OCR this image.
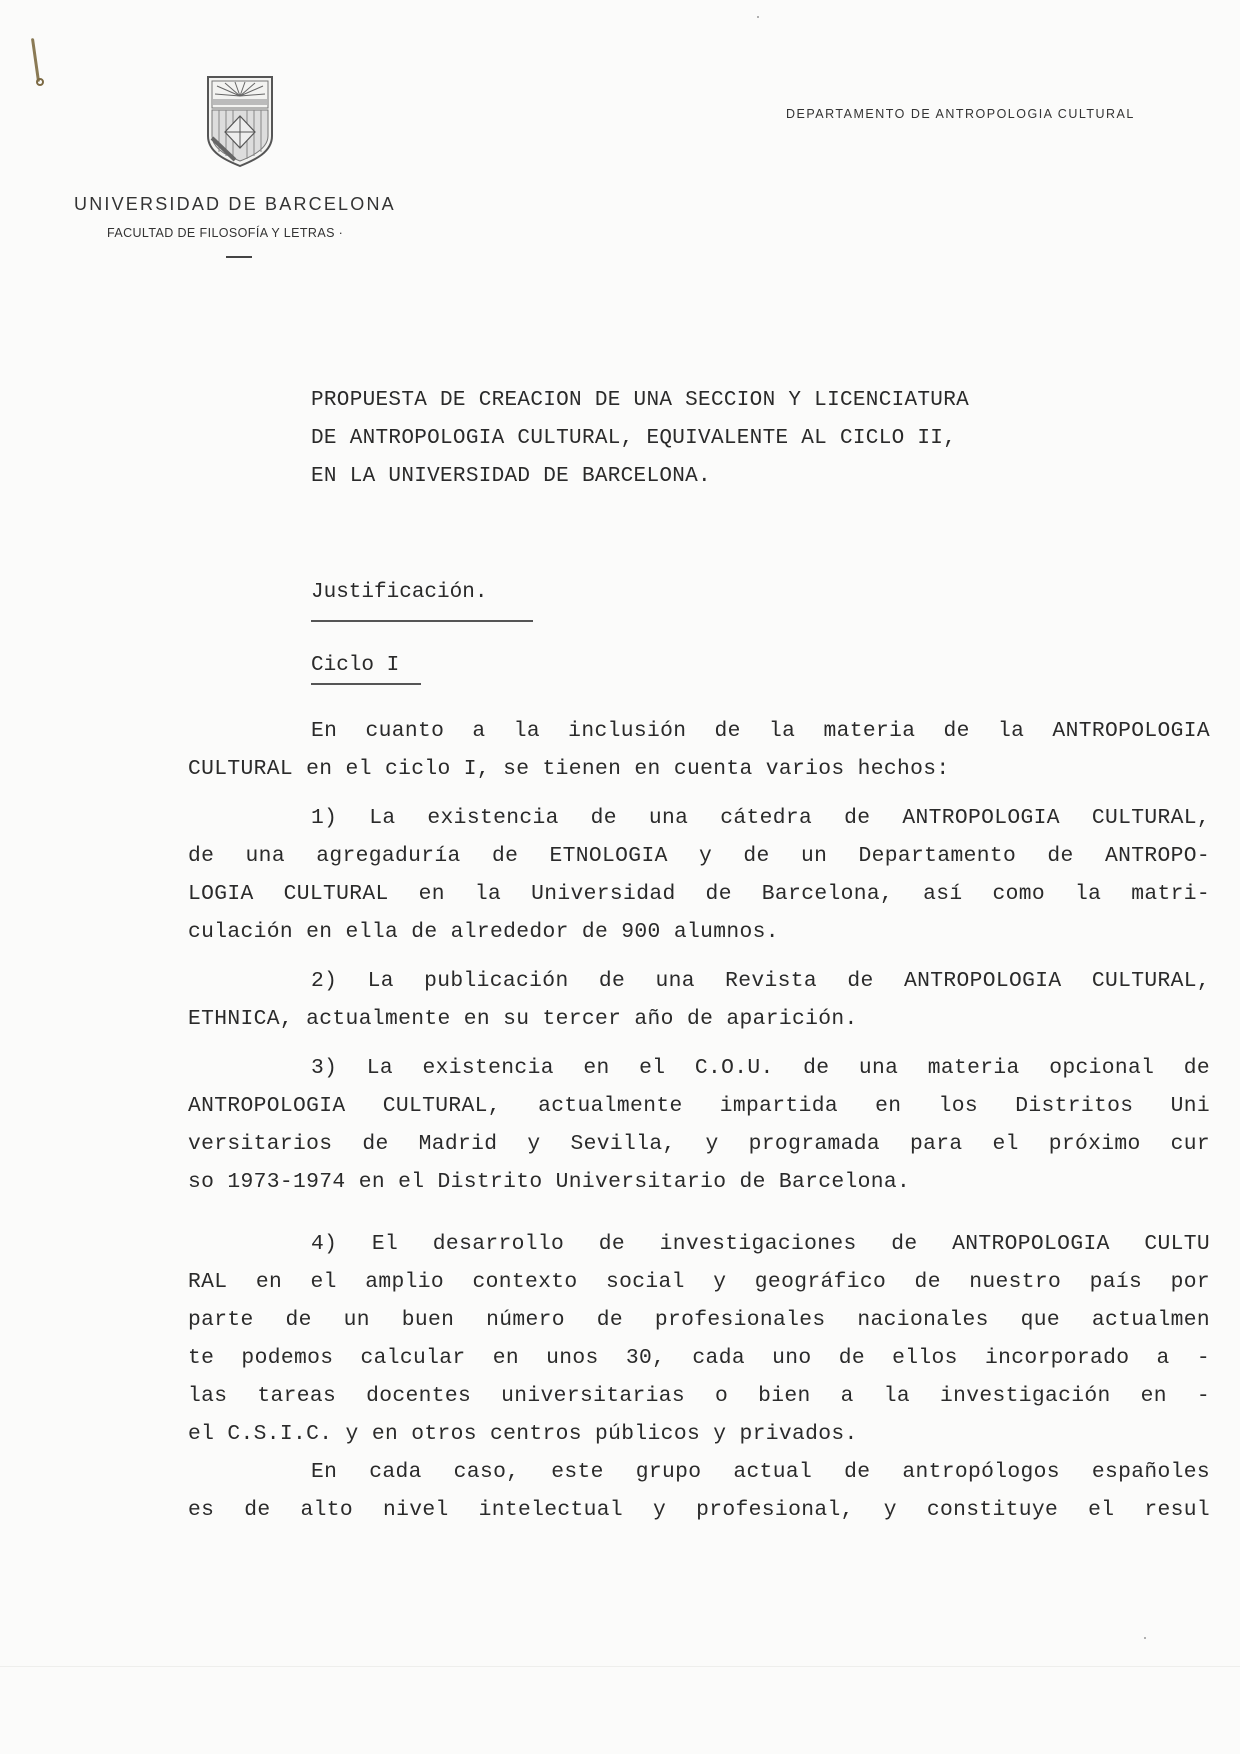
UNIVERSIDAD DE BARCELONA
FACULTAD DE FILOSOFÍA Y LETRAS ·
DEPARTAMENTO DE ANTROPOLOGIA CULTURAL
PROPUESTA DE CREACION DE UNA SECCION Y LICENCIATURA
DE ANTROPOLOGIA CULTURAL, EQUIVALENTE AL CICLO II,
EN LA UNIVERSIDAD DE BARCELONA.
Justificación.
Ciclo I
En cuanto a la inclusión de la materia de la ANTROPOLOGIA
CULTURAL en el ciclo I, se tienen en cuenta varios hechos:
1) La existencia de una cátedra de ANTROPOLOGIA CULTURAL,
de una agregaduría de ETNOLOGIA y de un Departamento de ANTROPO-
LOGIA CULTURAL en la Universidad de Barcelona, así como la matri-
culación en ella de alrededor de 900 alumnos.
2) La publicación de una Revista de ANTROPOLOGIA CULTURAL,
ETHNICA, actualmente en su tercer año de aparición.
3) La existencia en el C.O.U. de una materia opcional de
ANTROPOLOGIA CULTURAL, actualmente impartida en los Distritos Uni
versitarios de Madrid y Sevilla, y programada para el próximo cur
so 1973-1974 en el Distrito Universitario de Barcelona.
4) El desarrollo de investigaciones de ANTROPOLOGIA CULTU
RAL en el amplio contexto social y geográfico de nuestro país por
parte de un buen número de profesionales nacionales que actualmen
te podemos calcular en unos 30, cada uno de ellos incorporado a -
las tareas docentes universitarias o bien a la investigación en -
el C.S.I.C. y en otros centros públicos y privados.
En cada caso, este grupo actual de antropólogos españoles
es de alto nivel intelectual y profesional, y constituye el resul
